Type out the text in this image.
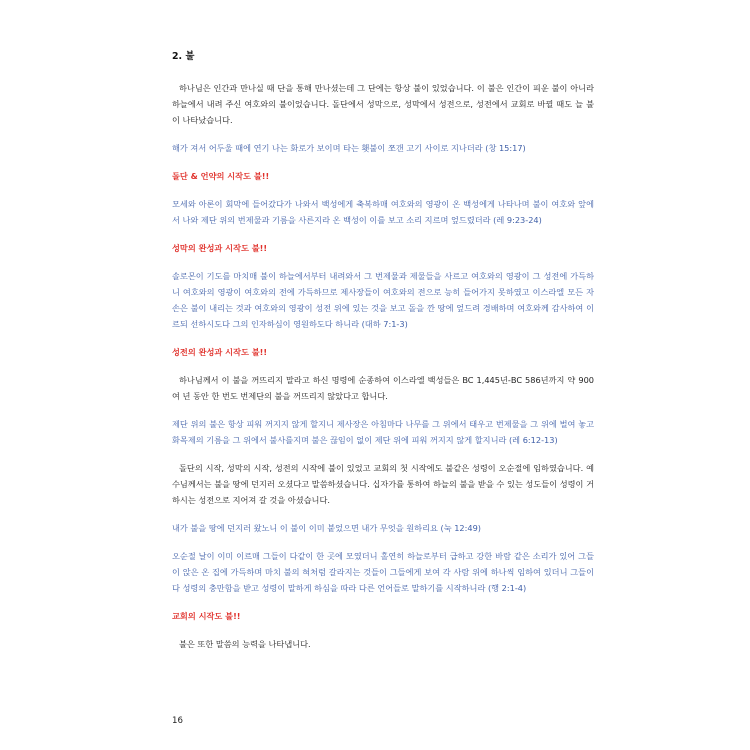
2. 불

하나님은 인간과 만나실 때 단을 통해 만나셨는데 그 단에는 항상 불이 있었습니다. 이 불은 인간이 피운 불이 아니라 하늘에서 내려 주신 여호와의 불이었습니다. 돌단에서 성막으로, 성막에서 성전으로, 성전에서 교회로 바뀔 때도 늘 불이 나타났습니다.

해가 져서 어두울 때에 연기 나는 화로가 보이며 타는 횃불이 쪼갠 고기 사이로 지나더라 (창 15:17)

돌단 & 언약의 시작도 불!!

모세와 아론이 회막에 들어갔다가 나와서 백성에게 축복하매 여호와의 영광이 온 백성에게 나타나며 불이 여호와 앞에서 나와 제단 위의 번제물과 기름을 사른지라 온 백성이 이를 보고 소리 지르며 엎드렸더라 (레 9:23-24)

성막의 완성과 시작도 불!!

솔로몬이 기도를 마치매 불이 하늘에서부터 내려와서 그 번제물과 제물들을 사르고 여호와의 영광이 그 성전에 가득하니 여호와의 영광이 여호와의 전에 가득하므로 제사장들이 여호와의 전으로 능히 들어가지 못하였고 이스라엘 모든 자손은 불이 내리는 것과 여호와의 영광이 성전 위에 있는 것을 보고 돌을 깐 땅에 엎드려 경배하며 여호와께 감사하여 이르되 선하시도다 그의 인자하심이 영원하도다 하니라 (대하 7:1-3)

성전의 완성과 시작도 불!!

하나님께서 이 불을 꺼뜨리지 말라고 하신 명령에 순종하여 이스라엘 백성들은 BC 1,445년-BC 586년까지 약 900여 년 동안 한 번도 번제단의 불을 꺼뜨리지 않았다고 합니다.

제단 위의 불은 항상 피워 꺼지지 않게 할지니 제사장은 아침마다 나무를 그 위에서 태우고 번제물을 그 위에 벌여 놓고 화목제의 기름을 그 위에서 불사를지며 불은 끊임이 없이 제단 위에 피워 꺼지지 않게 할지니라 (레 6:12-13)

돌단의 시작, 성막의 시작, 성전의 시작에 불이 있었고 교회의 첫 시작에도 불같은 성령이 오순절에 임하였습니다. 예수님께서는 불을 땅에 던지러 오셨다고 말씀하셨습니다. 십자가를 통하여 하늘의 불을 받을 수 있는 성도들이 성령이 거하시는 성전으로 지어져 갈 것을 아셨습니다.

내가 불을 땅에 던지러 왔노니 이 불이 이미 붙었으면 내가 무엇을 원하리요 (눅 12:49)

오순절 날이 이미 이르매 그들이 다같이 한 곳에 모였더니 홀연히 하늘로부터 급하고 강한 바람 같은 소리가 있어 그들이 앉은 온 집에 가득하며 마치 불의 혀처럼 갈라지는 것들이 그들에게 보여 각 사람 위에 하나씩 임하여 있더니 그들이 다 성령의 충만함을 받고 성령이 말하게 하심을 따라 다른 언어들로 말하기를 시작하니라 (행 2:1-4)

교회의 시작도 불!!

불은 또한 말씀의 능력을 나타냅니다.

16
